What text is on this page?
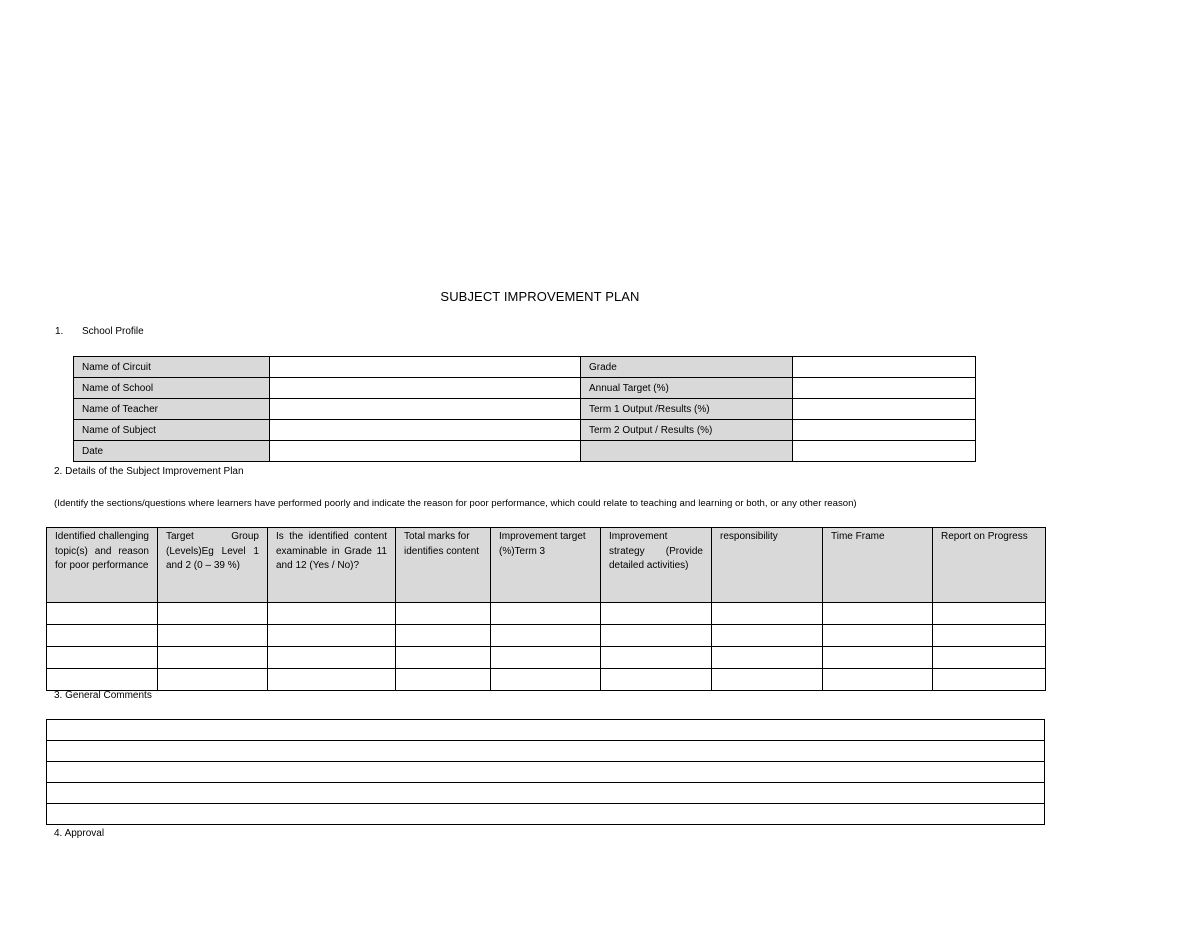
SUBJECT IMPROVEMENT PLAN
1. School Profile
Name of Circuit		Grade	
Name of School		Annual Target (%)	
Name of Teacher		Term 1 Output /Results (%)	
Name of Subject		Term 2 Output / Results (%)	
Date			
2. Details of the Subject Improvement Plan
(Identify the sections/questions where learners have performed poorly and indicate the reason for poor performance, which could relate to teaching and learning or both, or any other reason)
Identified challenging topic(s) and reason for poor performance	Target Group (Levels)Eg Level 1 and 2 (0 – 39 %)	Is the identified content examinable in Grade 11 and 12 (Yes / No)?	Total marks for identifies content	Improvement target (%)Term 3	Improvement strategy (Provide detailed activities)	responsibility	Time Frame	Report on Progress

3. General Comments

4. Approval
